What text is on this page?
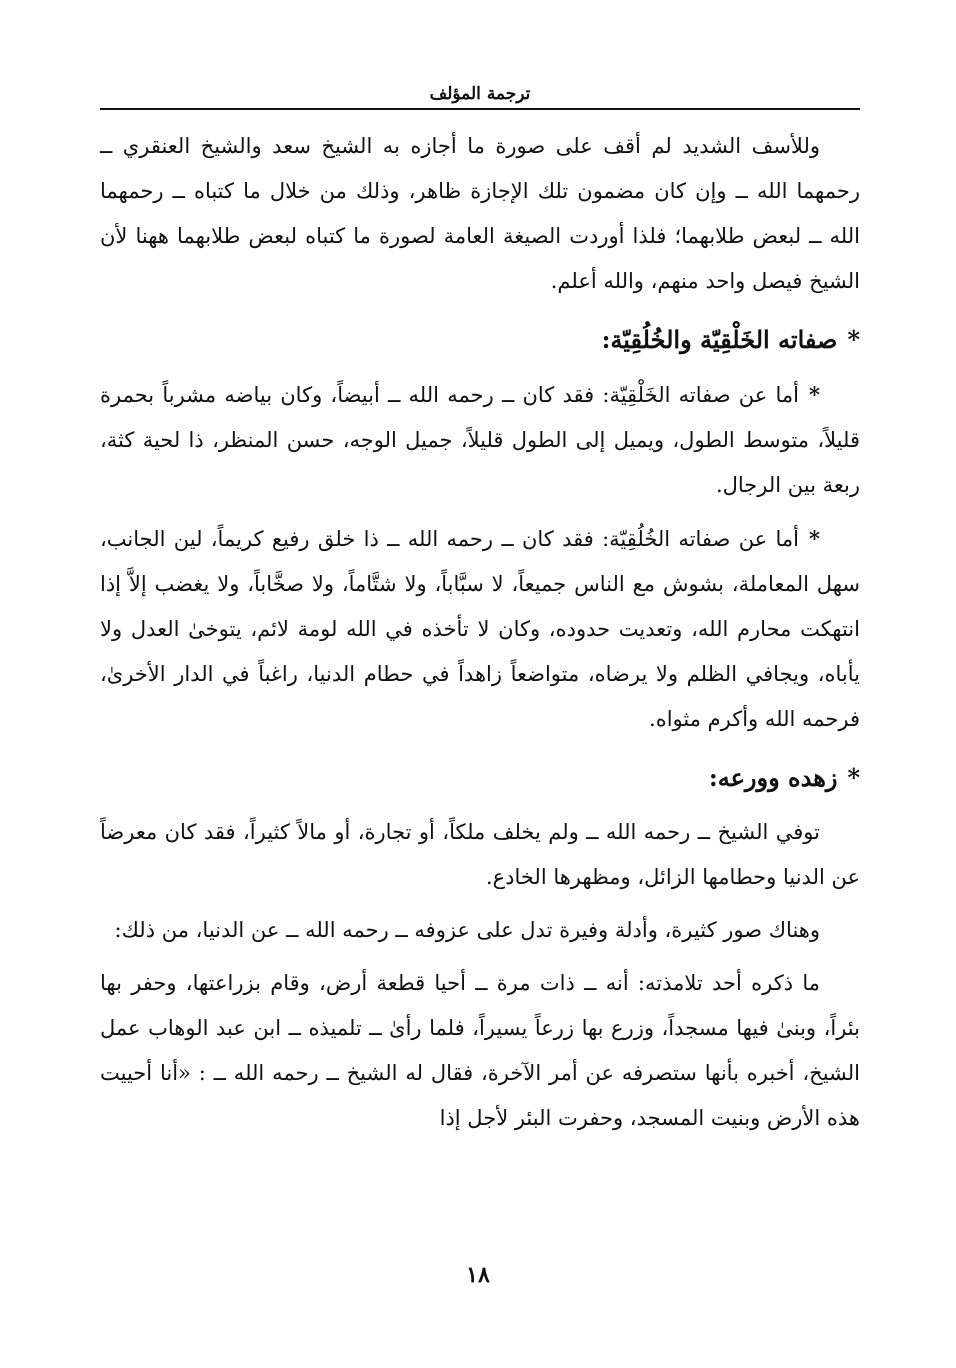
ترجمة المؤلف

وللأسف الشديد لم أقف على صورة ما أجازه به الشيخ سعد والشيخ العنقري ــ رحمهما الله ــ وإن كان مضمون تلك الإجازة ظاهر، وذلك من خلال ما كتباه ــ رحمهما الله ــ لبعض طلابهما؛ فلذا أوردت الصيغة العامة لصورة ما كتباه لبعض طلابهما ههنا لأن الشيخ فيصل واحد منهم، والله أعلم.

*صفاته الخَلْقِيّة والخُلُقِيّة:

*أما عن صفاته الخَلْقِيّة: فقد كان ــ رحمه الله ــ أبيضاً، وكان بياضه مشرباً بحمرة قليلاً، متوسط الطول، ويميل إلى الطول قليلاً، جميل الوجه، حسن المنظر، ذا لحية كثة، ربعة بين الرجال.

*أما عن صفاته الخُلُقِيّة: فقد كان ــ رحمه الله ــ ذا خلق رفيع كريماً، لين الجانب، سهل المعاملة، بشوش مع الناس جميعاً، لا سبَّاباً، ولا شتَّاماً، ولا صخَّاباً، ولا يغضب إلاَّ إذا انتهكت محارم الله، وتعديت حدوده، وكان لا تأخذه في الله لومة لائم، يتوخىٰ العدل ولا يأباه، ويجافي الظلم ولا يرضاه، متواضعاً زاهداً في حطام الدنيا، راغباً في الدار الأخرىٰ، فرحمه الله وأكرم مثواه.

*زهده وورعه:

توفي الشيخ ــ رحمه الله ــ ولم يخلف ملكاً، أو تجارة، أو مالاً كثيراً، فقد كان معرضاً عن الدنيا وحطامها الزائل، ومظهرها الخادع.

وهناك صور كثيرة، وأدلة وفيرة تدل على عزوفه ــ رحمه الله ــ عن الدنيا، من ذلك:

ما ذكره أحد تلامذته: أنه ــ ذات مرة ــ أحيا قطعة أرض، وقام بزراعتها، وحفر بها بئراً، وبنىٰ فيها مسجداً، وزرع بها زرعاً يسيراً، فلما رأىٰ ــ تلميذه ــ ابن عبد الوهاب عمل الشيخ، أخبره بأنها ستصرفه عن أمر الآخرة، فقال له الشيخ ــ رحمه الله ــ : «أنا أحييت هذه الأرض وبنيت المسجد، وحفرت البئر لأجل إذا

١٨
